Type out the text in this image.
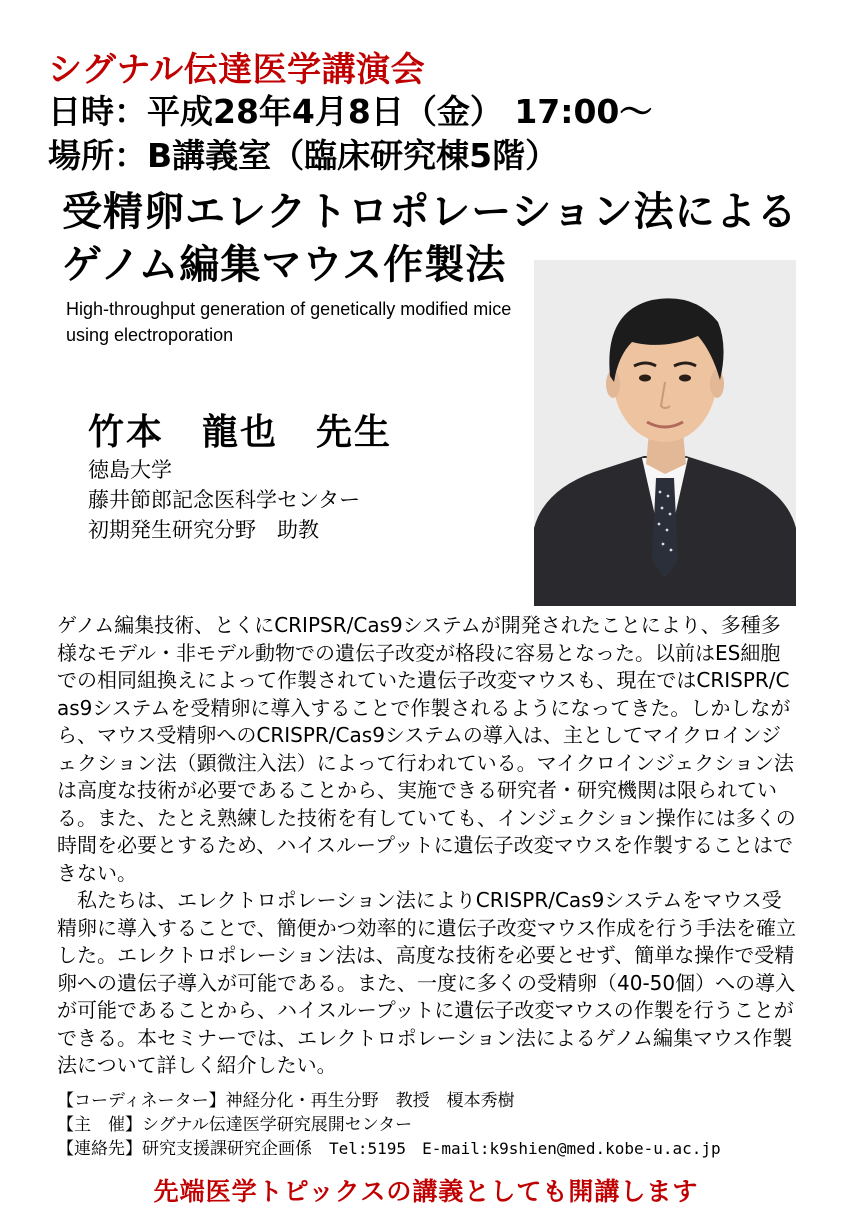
シグナル伝達医学講演会
日時：平成28年4月8日（金） 17:00〜
場所：B講義室（臨床研究棟5階）
受精卵エレクトロポレーション法による
ゲノム編集マウス作製法
High-throughput generation of genetically modified mice using electroporation
竹本　龍也　先生
徳島大学
藤井節郎記念医科学センター
初期発生研究分野　助教

ゲノム編集技術、とくにCRIPSR/Cas9システムが開発されたことにより、多種多様なモデル・非モデル動物での遺伝子改変が格段に容易となった。以前はES細胞での相同組換えによって作製されていた遺伝子改変マウスも、現在ではCRISPR/Cas9システムを受精卵に導入することで作製されるようになってきた。しかしながら、マウス受精卵へのCRISPR/Cas9システムの導入は、主としてマイクロインジェクション法（顕微注入法）によって行われている。マイクロインジェクション法は高度な技術が必要であることから、実施できる研究者・研究機関は限られている。また、たとえ熟練した技術を有していても、インジェクション操作には多くの時間を必要とするため、ハイスループットに遺伝子改変マウスを作製することはできない。

私たちは、エレクトロポレーション法によりCRISPR/Cas9システムをマウス受精卵に導入することで、簡便かつ効率的に遺伝子改変マウス作成を行う手法を確立した。エレクトロポレーション法は、高度な技術を必要とせず、簡単な操作で受精卵への遺伝子導入が可能である。また、一度に多くの受精卵（40-50個）への導入が可能であることから、ハイスループットに遺伝子改変マウスの作製を行うことができる。本セミナーでは、エレクトロポレーション法によるゲノム編集マウス作製法について詳しく紹介したい。

【コーディネーター】神経分化・再生分野　教授　榎本秀樹
【主　催】シグナル伝達医学研究展開センター
【連絡先】研究支援課研究企画係　 Tel:5195　E-mail:k9shien@med.kobe-u.ac.jp
先端医学トピックスの講義としても開講します
